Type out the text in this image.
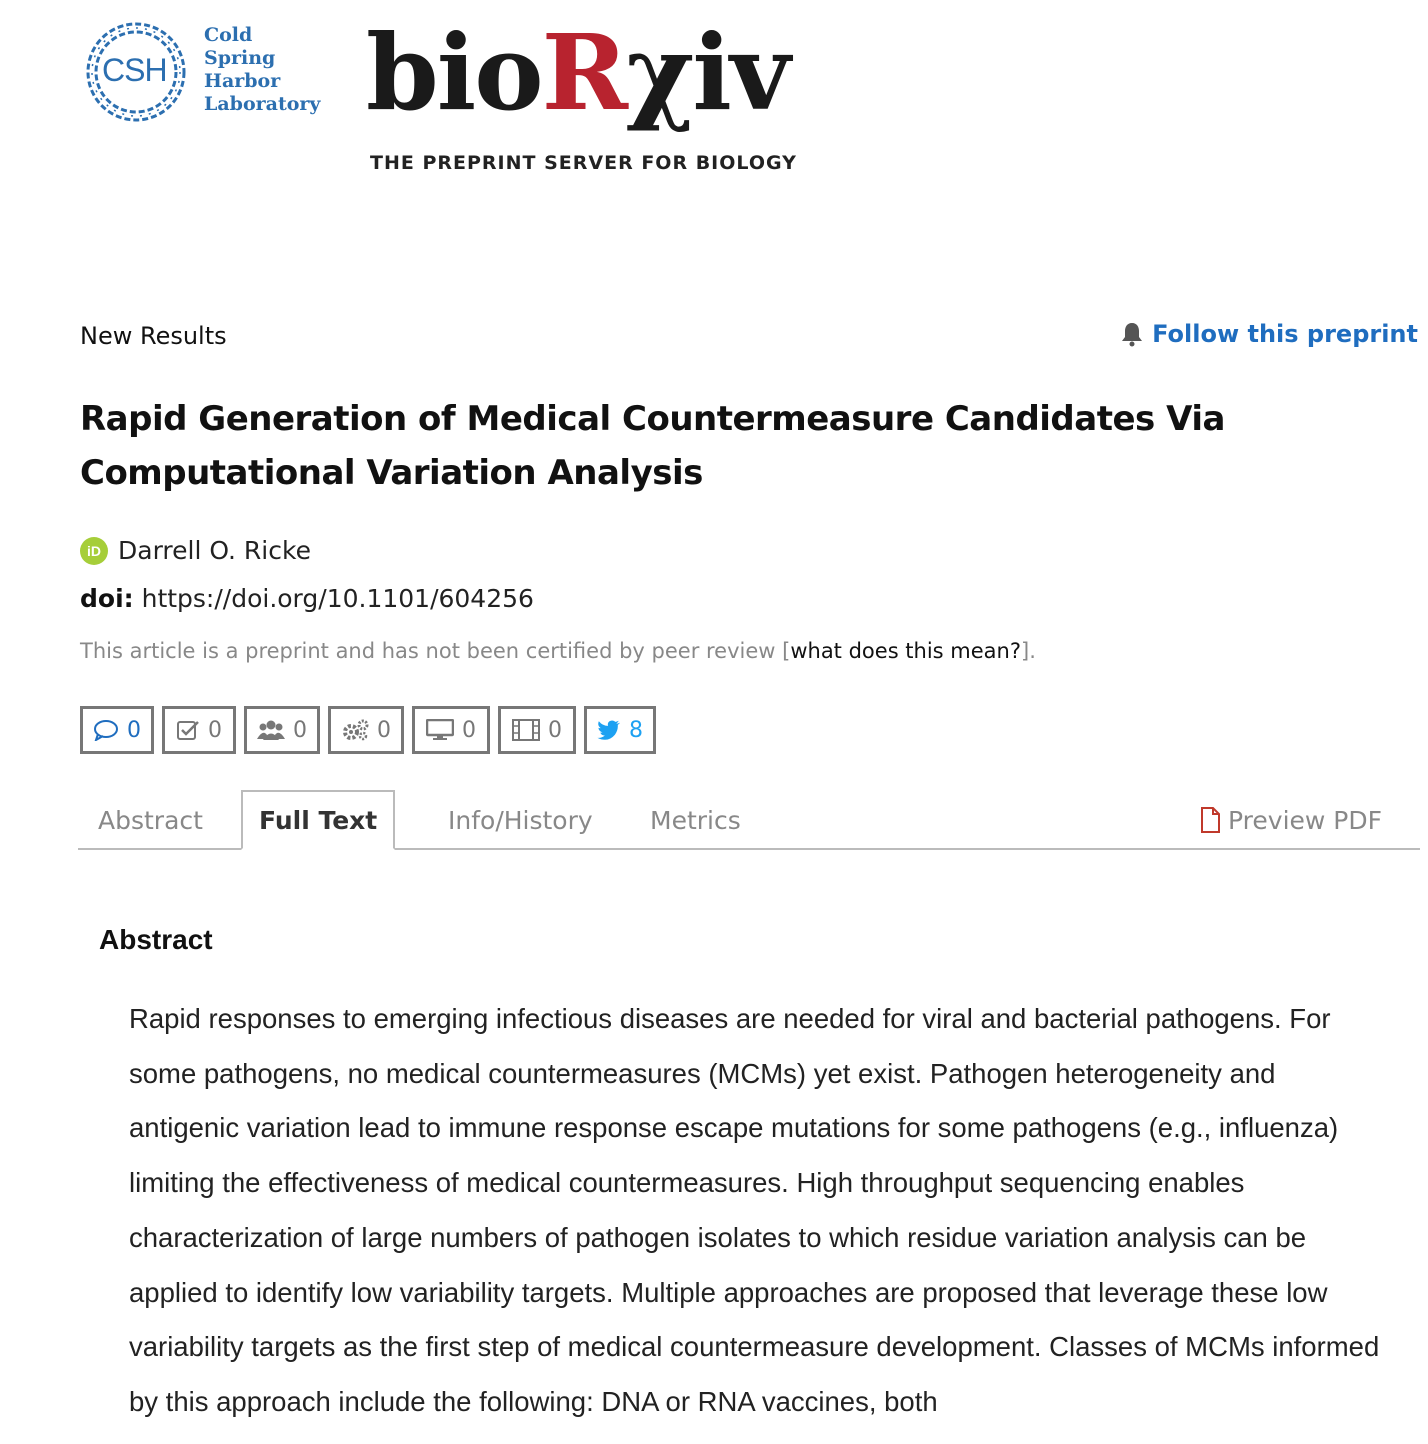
CSH
Cold
Spring
Harbor
Laboratory bioRχiv
THE PREPRINT SERVER FOR BIOLOGY
New Results	Follow this preprint
Rapid Generation of Medical Countermeasure Candidates Via Computational Variation Analysis
iD Darrell O. Ricke
doi: https://doi.org/10.1101/604256
This article is a preprint and has not been certified by peer review [what does this mean?].
0	0	0	0	0	0	8
Abstract	Full Text	Info/History Metrics	Preview PDF
Abstract

Rapid responses to emerging infectious diseases are needed for viral and bacterial pathogens. For some pathogens, no medical countermeasures (MCMs) yet exist. Pathogen heterogeneity and antigenic variation lead to immune response escape mutations for some pathogens (e.g., influenza) limiting the effectiveness of medical countermeasures. High throughput sequencing enables characterization of large numbers of pathogen isolates to which residue variation analysis can be applied to identify low variability targets. Multiple approaches are proposed that leverage these low variability targets as the first step of medical countermeasure development. Classes of MCMs informed by this approach include the following: DNA or RNA vaccines, both
